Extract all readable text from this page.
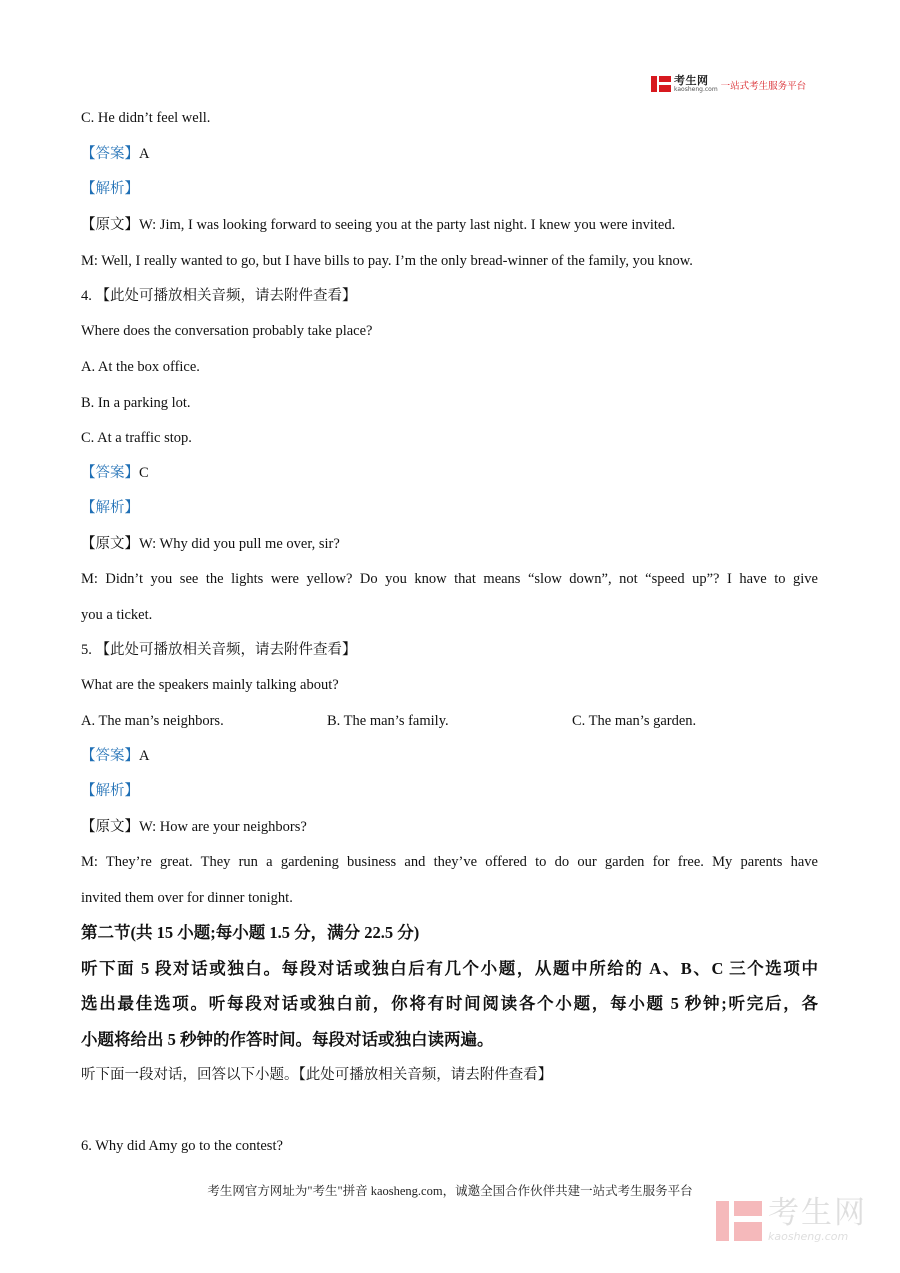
考生网
kaosheng.com 一站式考生服务平台
C. He didn’t feel well.
【答案】A
【解析】
【原文】W: Jim, I was looking forward to seeing you at the party last night. I knew you were invited.
M: Well, I really wanted to go, but I have bills to pay. I’m the only bread-winner of the family, you know.
4. 【此处可播放相关音频，请去附件查看】
Where does the conversation probably take place?
A. At the box office.
B. In a parking lot.
C. At a traffic stop.
【答案】C
【解析】
【原文】W: Why did you pull me over, sir?
M: Didn’t you see the lights were yellow? Do you know that means “slow down”, not “speed up”? I have to give
you a ticket.
5. 【此处可播放相关音频，请去附件查看】
What are the speakers mainly talking about?
A. The man’s neighbors.	B. The man’s family.	C. The man’s garden.
【答案】A
【解析】
【原文】W: How are your neighbors?
M: They’re great. They run a gardening business and they’ve offered to do our garden for free. My parents have
invited them over for dinner tonight.
第二节(共 15 小题;每小题 1.5 分，满分 22.5 分)
听下面 5 段对话或独白。每段对话或独白后有几个小题，从题中所给的 A、B、C 三个选项中
选出最佳选项。听每段对话或独白前，你将有时间阅读各个小题，每小题 5 秒钟;听完后，各
小题将给出 5 秒钟的作答时间。每段对话或独白读两遍。
听下面一段对话，回答以下小题。【此处可播放相关音频，请去附件查看】
6. Why did Amy go to the contest?
考生网官方网址为"考生"拼音 kaosheng.com，诚邀全国合作伙伴共建一站式考生服务平台
考生网
kaosheng.com
